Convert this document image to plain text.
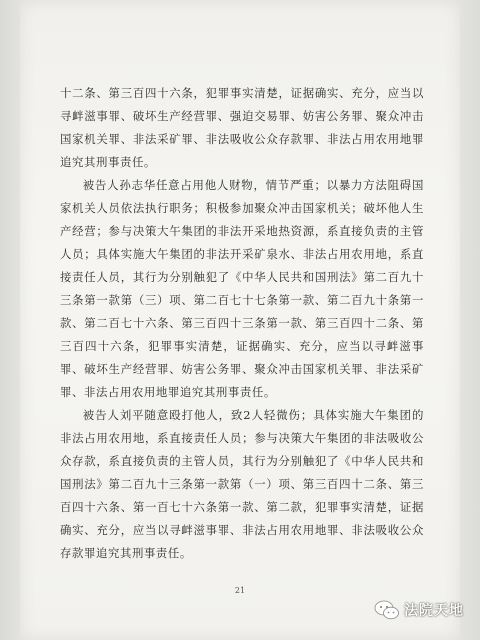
十二条、第三百四十六条，犯罪事实清楚，证据确实、充分，应当以寻衅滋事罪、破坏生产经营罪、强迫交易罪、妨害公务罪、聚众冲击国家机关罪、非法采矿罪、非法吸收公众存款罪、非法占用农用地罪追究其刑事责任。

被告人孙志华任意占用他人财物，情节严重；以暴力方法阻碍国家机关人员依法执行职务；积极参加聚众冲击国家机关；破坏他人生产经营；参与决策大午集团的非法开采地热资源，系直接负责的主管人员；具体实施大午集团的非法开采矿泉水、非法占用农用地，系直接责任人员，其行为分别触犯了《中华人民共和国刑法》第二百九十三条第一款第（三）项、第二百七十七条第一款、第二百九十条第一款、第二百七十六条、第三百四十三条第一款、第三百四十二条、第三百四十六条，犯罪事实清楚，证据确实、充分，应当以寻衅滋事罪、破坏生产经营罪、妨害公务罪、聚众冲击国家机关罪、非法采矿罪、非法占用农用地罪追究其刑事责任。

被告人刘平随意殴打他人，致2人轻微伤；具体实施大午集团的非法占用农用地，系直接责任人员；参与决策大午集团的非法吸收公众存款，系直接负责的主管人员，其行为分别触犯了《中华人民共和国刑法》第二百九十三条第一款第（一）项、第三百四十二条、第三百四十六条、第一百七十六条第一款、第二款，犯罪事实清楚，证据确实、充分，应当以寻衅滋事罪、非法占用农用地罪、非法吸收公众存款罪追究其刑事责任。

21
法院天地
